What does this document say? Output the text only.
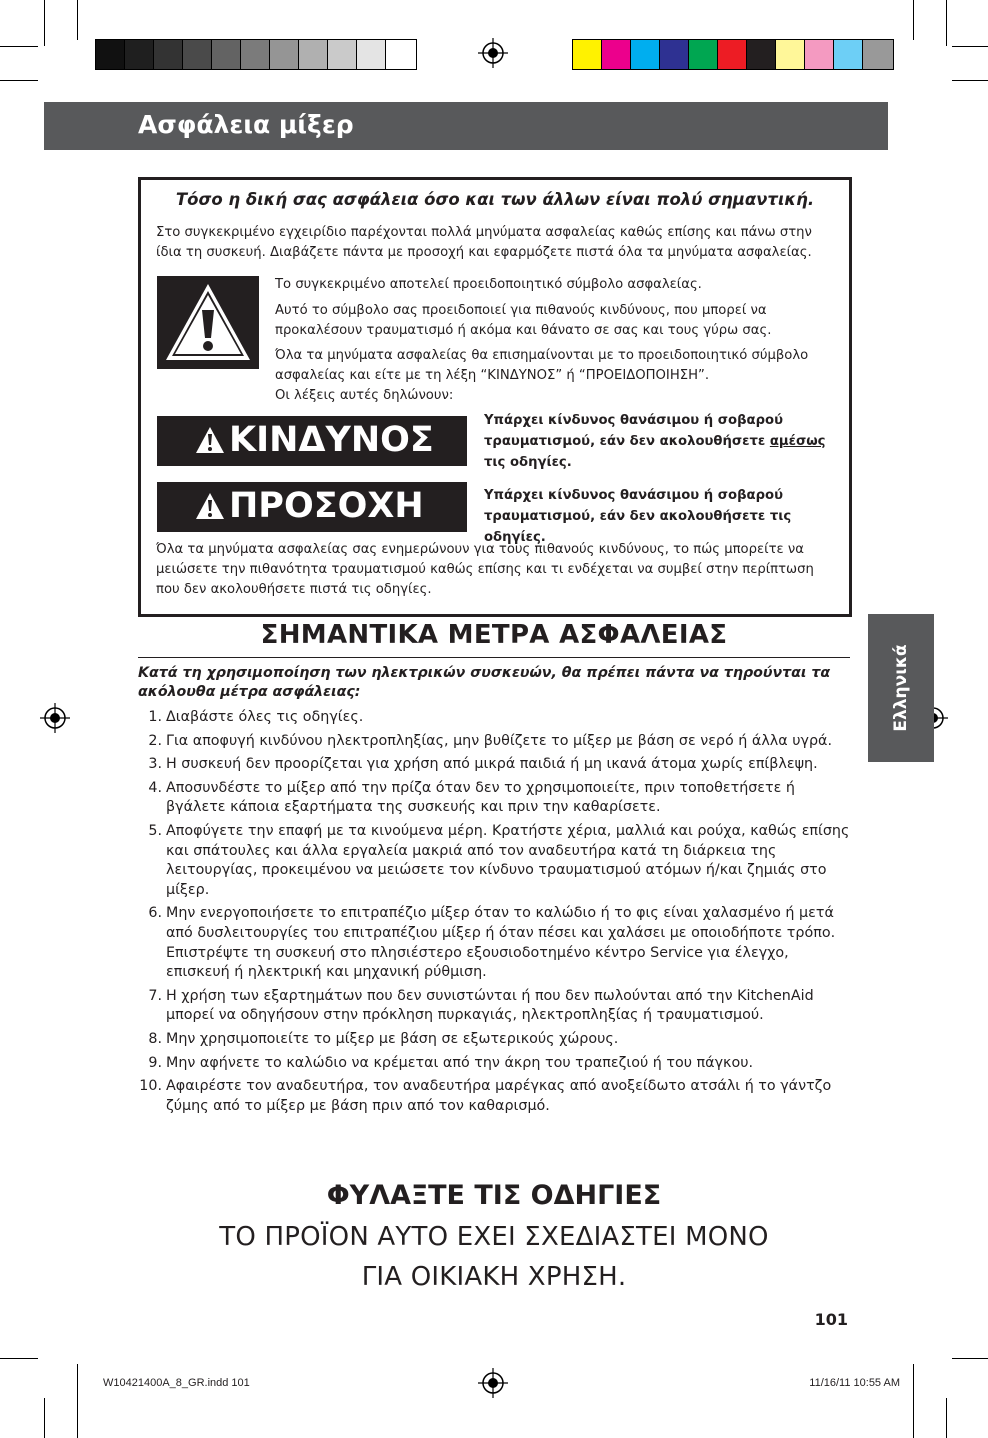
Ασφάλεια μίξερ
Τόσο η δική σας ασφάλεια όσο και των άλλων είναι πολύ σημαντική.
Στο συγκεκριμένο εγχειρίδιο παρέχονται πολλά μηνύματα ασφαλείας καθώς επίσης και πάνω στην ίδια τη συσκευή. Διαβάζετε πάντα με προσοχή και εφαρμόζετε πιστά όλα τα μηνύματα ασφαλείας.
Το συγκεκριμένο αποτελεί προειδοποιητικό σύμβολο ασφαλείας.
Αυτό το σύμβολο σας προειδοποιεί για πιθανούς κινδύνους, που μπορεί να προκαλέσουν τραυματισμό ή ακόμα και θάνατο σε σας και τους γύρω σας.
Όλα τα μηνύματα ασφαλείας θα επισημαίνονται με το προειδοποιητικό σύμβολο ασφαλείας και είτε με τη λέξη “ΚΙΝΔΥΝΟΣ” ή “ΠΡΟΕΙΔΟΠΟΙΗΣΗ”.
Οι λέξεις αυτές δηλώνουν:
ΚΙΝΔΥΝΟΣ	Υπάρχει κίνδυνος θανάσιμου ή σοβαρού τραυματισμού, εάν δεν ακολουθήσετε αμέσως τις οδηγίες.
ΠΡΟΣΟΧΗ	Υπάρχει κίνδυνος θανάσιμου ή σοβαρού τραυματισμού, εάν δεν ακολουθήσετε τις οδηγίες.
Όλα τα μηνύματα ασφαλείας σας ενημερώνουν για τους πιθανούς κινδύνους, το πώς μπορείτε να μειώσετε την πιθανότητα τραυματισμού καθώς επίσης και τι ενδέχεται να συμβεί στην περίπτωση που δεν ακολουθήσετε πιστά τις οδηγίες.
ΣΗΜΑΝΤΙΚΑ ΜΕΤΡΑ ΑΣΦΑΛΕΙΑΣ
Κατά τη χρησιμοποίηση των ηλεκτρικών συσκευών, θα πρέπει πάντα να τηρούνται τα ακόλουθα μέτρα ασφάλειας:
1. Διαβάστε όλες τις οδηγίες.
2. Για αποφυγή κινδύνου ηλεκτροπληξίας, μην βυθίζετε το μίξερ με βάση σε νερό ή άλλα υγρά.
3. Η συσκευή δεν προορίζεται για χρήση από μικρά παιδιά ή μη ικανά άτομα χωρίς επίβλεψη.
4. Αποσυνδέστε το μίξερ από την πρίζα όταν δεν το χρησιμοποιείτε, πριν τοποθετήσετε ή βγάλετε κάποια εξαρτήματα της συσκευής και πριν την καθαρίσετε.
5. Αποφύγετε την επαφή με τα κινούμενα μέρη. Κρατήστε χέρια, μαλλιά και ρούχα, καθώς επίσης και σπάτουλες και άλλα εργαλεία μακριά από τον αναδευτήρα κατά τη διάρκεια της λειτουργίας, προκειμένου να μειώσετε τον κίνδυνο τραυματισμού ατόμων ή/και ζημιάς στο μίξερ.
6. Μην ενεργοποιήσετε το επιτραπέζιο μίξερ όταν το καλώδιο ή το φις είναι χαλασμένο ή μετά από δυσλειτουργίες του επιτραπέζιου μίξερ ή όταν πέσει και χαλάσει με οποιοδήποτε τρόπο. Επιστρέψτε τη συσκευή στο πλησιέστερο εξουσιοδοτημένο κέντρο Service για έλεγχο, επισκευή ή ηλεκτρική και μηχανική ρύθμιση.
7. Η χρήση των εξαρτημάτων που δεν συνιστώνται ή που δεν πωλούνται από την KitchenAid μπορεί να οδηγήσουν στην πρόκληση πυρκαγιάς, ηλεκτροπληξίας ή τραυματισμού.
8. Μην χρησιμοποιείτε το μίξερ με βάση σε εξωτερικούς χώρους.
9. Μην αφήνετε το καλώδιο να κρέμεται από την άκρη του τραπεζιού ή του πάγκου.
10. Αφαιρέστε τον αναδευτήρα, τον αναδευτήρα μαρέγκας από ανοξείδωτο ατσάλι ή το γάντζο ζύμης από το μίξερ με βάση πριν από τον καθαρισμό.
ΦΥΛΑΞΤΕ ΤΙΣ ΟΔΗΓΙΕΣ
ΤΟ ΠΡΟΪΟΝ ΑΥΤΟ ΕΧΕΙ ΣΧΕΔΙΑΣΤΕΙ ΜΟΝΟ
ΓΙΑ ΟΙΚΙΑΚΗ ΧΡΗΣΗ.
101
Ελληνικά
W10421400A_8_GR.indd 101	11/16/11 10:55 AM
